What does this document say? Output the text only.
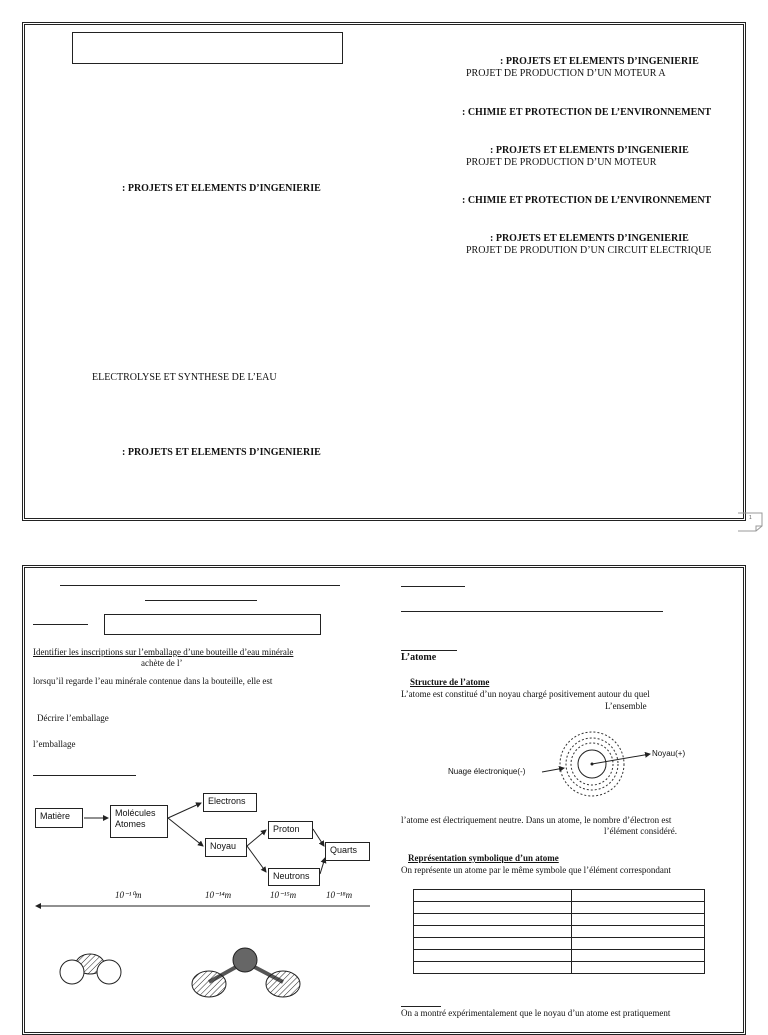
: PROJETS ET ELEMENTS D’INGENIERIE
PROJET DE PRODUCTION D’UN MOTEUR A
: CHIMIE ET PROTECTION DE L’ENVIRONNEMENT
: PROJETS ET ELEMENTS D’INGENIERIE
PROJET DE PRODUCTION D’UN MOTEUR
: CHIMIE ET PROTECTION DE L’ENVIRONNEMENT
: PROJETS ET ELEMENTS D’INGENIERIE
PROJET DE PRODUTION D’UN CIRCUIT ELECTRIQUE
: PROJETS ET ELEMENTS D’INGENIERIE
ELECTROLYSE ET SYNTHESE DE L’EAU
: PROJETS ET ELEMENTS D’INGENIERIE
1
Identifier les inscriptions sur l’emballage d’une bouteille d’eau minérale
achète de l’
lorsqu’il regarde l’eau minérale contenue dans la bouteille, elle est
Décrire l’emballage
l’emballage
Matière	Molécules
Atomes
Electrons
Noyau
Proton
Neutrons
Quarts
10⁻¹⁰m	10⁻¹⁴m	10⁻¹⁵m	10⁻¹⁸m
L’atome
Structure de l’atome
L’atome est constitué d’un noyau chargé positivement autour du quel
L’ensemble
Noyau(+)
Nuage électronique(-)
l’atome est électriquement neutre. Dans un atome, le nombre d’électron est
l’élément considéré.
Représentation symbolique d’un atome
On représente un atome par le même symbole que l’élément correspondant

On a montré expérimentalement que le noyau d’un atome est pratiquement
